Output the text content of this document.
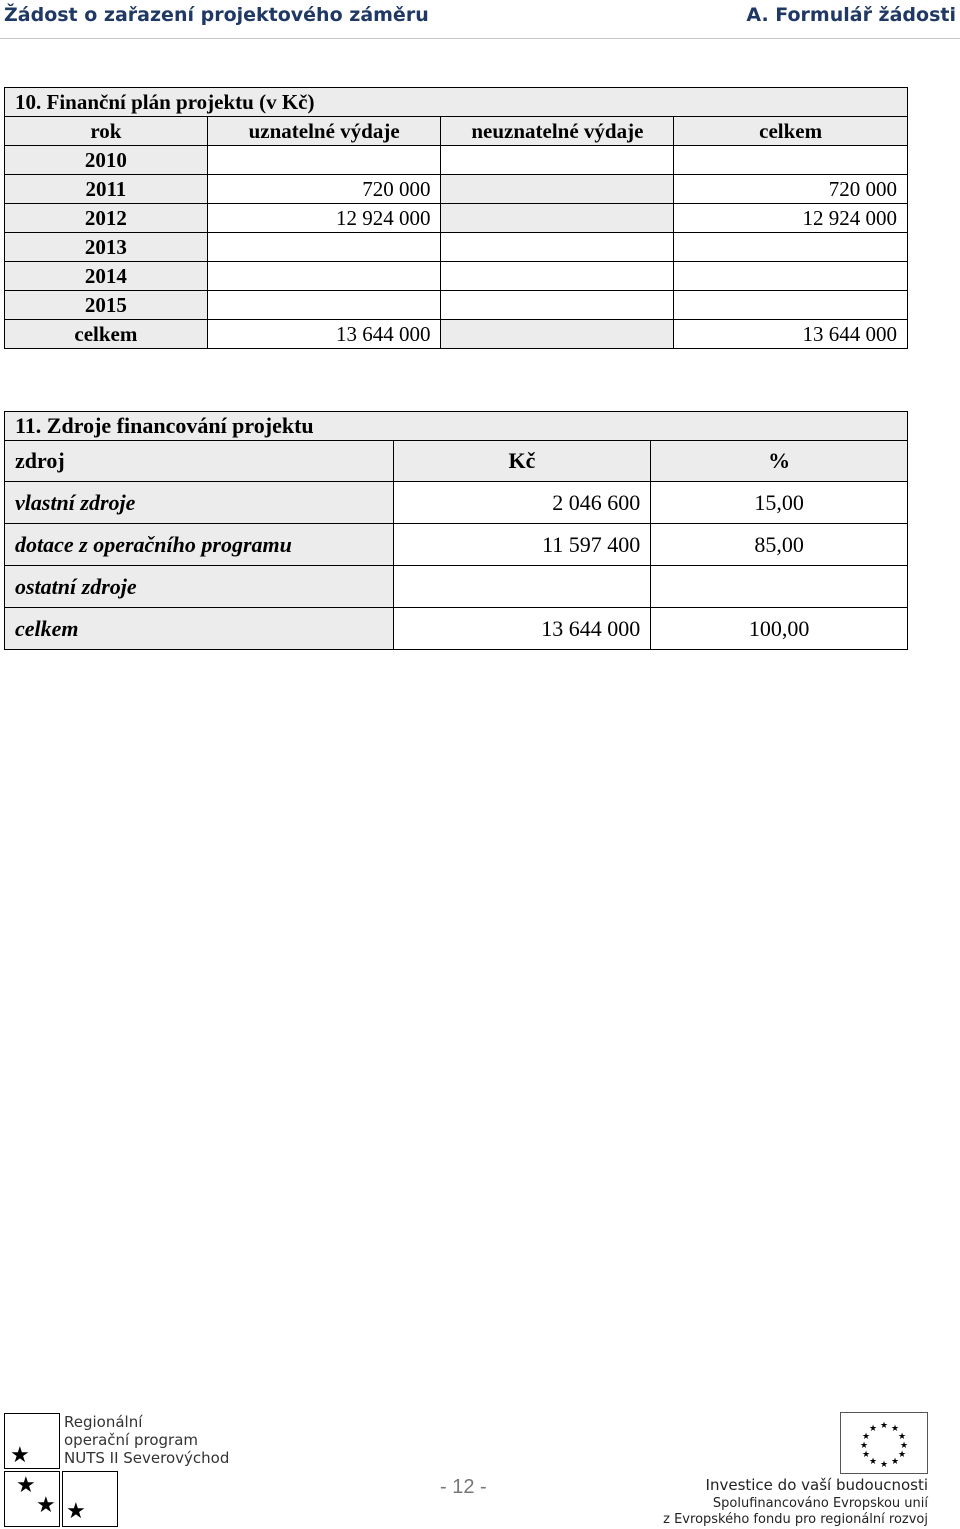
Žádost o zařazení projektového záměru	A. Formulář žádosti
10. Finanční plán projektu (v Kč)			
rok	uznatelné výdaje	neuznatelné výdaje	celkem
2010			
2011	720 000		720 000
2012	12 924 000		12 924 000
2013			
2014			
2015			
celkem	13 644 000		13 644 000
11. Zdroje financování projektu		
zdroj	Kč	%
vlastní zdroje	2 046 600	15,00
dotace z operačního programu	11 597 400	85,00
ostatní zdroje		
celkem	13 644 000	100,00
★
★
★ ★
Regionální
operační program
NUTS II Severovýchod
- 12 -
★ ★
★
★
★
★
★
★
★
★
★
★
Investice do vaší budoucnosti
Spolufinancováno Evropskou unií
z Evropského fondu pro regionální rozvoj
